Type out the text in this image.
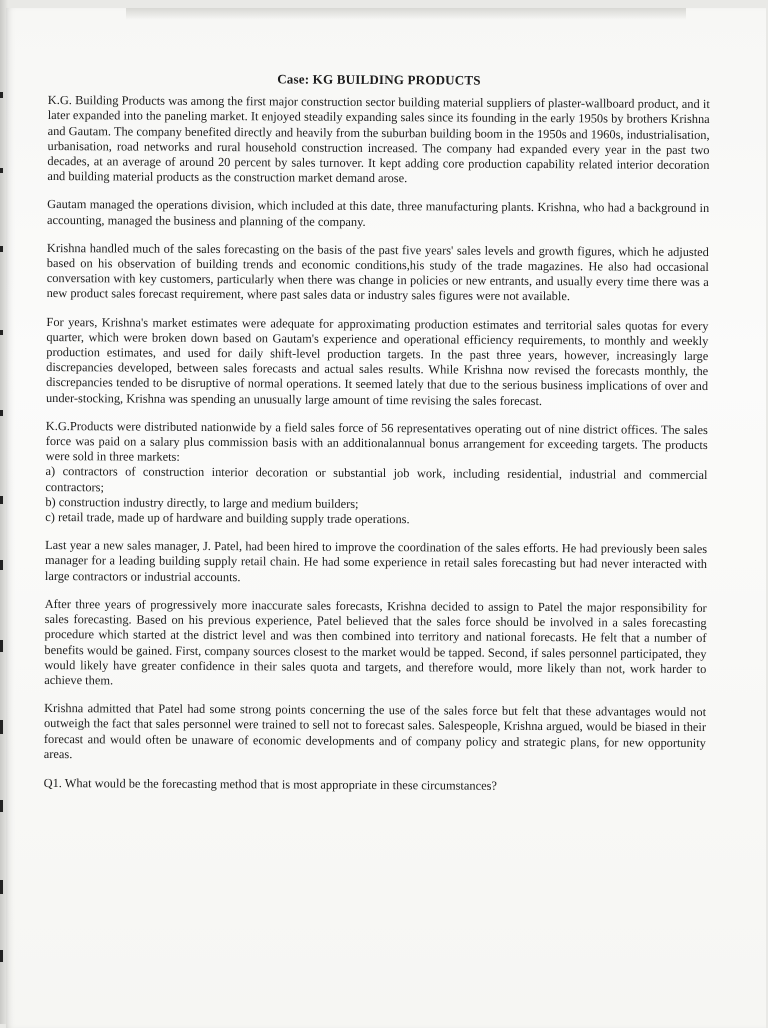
Case: KG BUILDING PRODUCTS

K.G. Building Products was among the first major construction sector building material suppliers of plaster-wallboard product, and it later expanded into the paneling market. It enjoyed steadily expanding sales since its founding in the early 1950s by brothers Krishna and Gautam. The company benefited directly and heavily from the suburban building boom in the 1950s and 1960s, industrialisation, urbanisation, road networks and rural household construction increased. The company had expanded every year in the past two decades, at an average of around 20 percent by sales turnover. It kept adding core production capability related interior decoration and building material products as the construction market demand arose.

Gautam managed the operations division, which included at this date, three manufacturing plants. Krishna, who had a background in accounting, managed the business and planning of the company.

Krishna handled much of the sales forecasting on the basis of the past five years' sales levels and growth figures, which he adjusted based on his observation of building trends and economic conditions,his study of the trade magazines. He also had occasional conversation with key customers, particularly when there was change in policies or new entrants, and usually every time there was a new product sales forecast requirement, where past sales data or industry sales figures were not available.

For years, Krishna's market estimates were adequate for approximating production estimates and territorial sales quotas for every quarter, which were broken down based on Gautam's experience and operational efficiency requirements, to monthly and weekly production estimates, and used for daily shift-level production targets. In the past three years, however, increasingly large discrepancies developed, between sales forecasts and actual sales results. While Krishna now revised the forecasts monthly, the discrepancies tended to be disruptive of normal operations. It seemed lately that due to the serious business implications of over and under-stocking, Krishna was spending an unusually large amount of time revising the sales forecast.

K.G.Products were distributed nationwide by a field sales force of 56 representatives operating out of nine district offices. The sales force was paid on a salary plus commission basis with an additionalannual bonus arrangement for exceeding targets. The products were sold in three markets:

a) contractors of construction interior decoration or substantial job work, including residential, industrial and commercial contractors;
b) construction industry directly, to large and medium builders;
c) retail trade, made up of hardware and building supply trade operations.

Last year a new sales manager, J. Patel, had been hired to improve the coordination of the sales efforts. He had previously been sales manager for a leading building supply retail chain. He had some experience in retail sales forecasting but had never interacted with large contractors or industrial accounts.

After three years of progressively more inaccurate sales forecasts, Krishna decided to assign to Patel the major responsibility for sales forecasting. Based on his previous experience, Patel believed that the sales force should be involved in a sales forecasting procedure which started at the district level and was then combined into territory and national forecasts. He felt that a number of benefits would be gained. First, company sources closest to the market would be tapped. Second, if sales personnel participated, they would likely have greater confidence in their sales quota and targets, and therefore would, more likely than not, work harder to achieve them.

Krishna admitted that Patel had some strong points concerning the use of the sales force but felt that these advantages would not outweigh the fact that sales personnel were trained to sell not to forecast sales. Salespeople, Krishna argued, would be biased in their forecast and would often be unaware of economic developments and of company policy and strategic plans, for new opportunity areas.

Q1. What would be the forecasting method that is most appropriate in these circumstances?
